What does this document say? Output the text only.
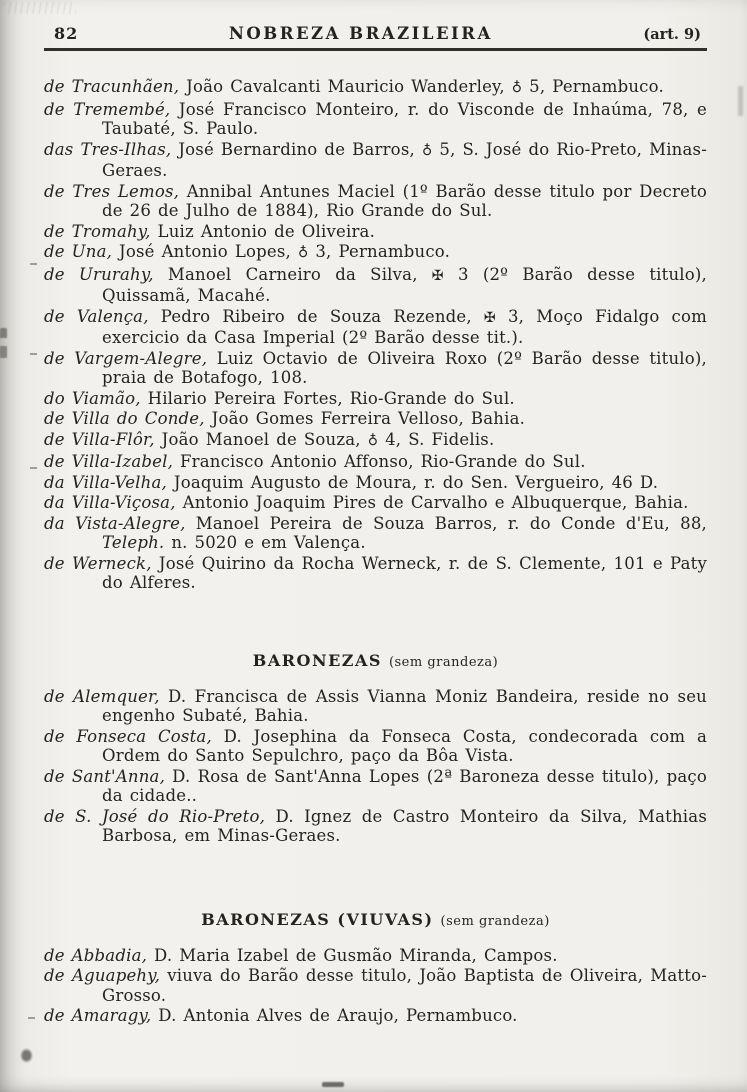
82	NOBREZA BRAZILEIRA	(art. 9)
de Tracunhãen, João Cavalcanti Mauricio Wanderley, ♁ 5, Pernambuco.
de Tremembé, José Francisco Monteiro, r. do Visconde de Inhaúma, 78, e Taubaté, S. Paulo.
das Tres-Ilhas, José Bernardino de Barros, ♁ 5, S. José do Rio-Preto, Minas-Geraes.
de Tres Lemos, Annibal Antunes Maciel (1º Barão desse titulo por Decreto de 26 de Julho de 1884), Rio Grande do Sul.
de Tromahy, Luiz Antonio de Oliveira.
de Una, José Antonio Lopes, ♁ 3, Pernambuco.
de Ururahy, Manoel Carneiro da Silva, ✠ 3 (2º Barão desse titulo), Quissamã, Macahé.
de Valença, Pedro Ribeiro de Souza Rezende, ✠ 3, Moço Fidalgo com exercicio da Casa Imperial (2º Barão desse tit.).
de Vargem-Alegre, Luiz Octavio de Oliveira Roxo (2º Barão desse titulo), praia de Botafogo, 108.
do Viamão, Hilario Pereira Fortes, Rio-Grande do Sul.
de Villa do Conde, João Gomes Ferreira Velloso, Bahia.
de Villa-Flôr, João Manoel de Souza, ♁ 4, S. Fidelis.
de Villa-Izabel, Francisco Antonio Affonso, Rio-Grande do Sul.
da Villa-Velha, Joaquim Augusto de Moura, r. do Sen. Vergueiro, 46 D.
da Villa-Viçosa, Antonio Joaquim Pires de Carvalho e Albuquerque, Bahia.
da Vista-Alegre, Manoel Pereira de Souza Barros, r. do Conde d'Eu, 88, Teleph. n. 5020 e em Valença.
de Werneck, José Quirino da Rocha Werneck, r. de S. Clemente, 101 e Paty do Alferes.
BARONEZAS (sem grandeza)
de Alemquer, D. Francisca de Assis Vianna Moniz Bandeira, reside no seu engenho Subaté, Bahia.
de Fonseca Costa, D. Josephina da Fonseca Costa, condecorada com a Ordem do Santo Sepulchro, paço da Bôa Vista.
de Sant'Anna, D. Rosa de Sant'Anna Lopes (2ª Baroneza desse titulo), paço da cidade..
de S. José do Rio-Preto, D. Ignez de Castro Monteiro da Silva, Mathias Barbosa, em Minas-Geraes.
BARONEZAS (VIUVAS) (sem grandeza)
de Abbadia, D. Maria Izabel de Gusmão Miranda, Campos.
de Aguapehy, viuva do Barão desse titulo, João Baptista de Oliveira, Matto-Grosso.
de Amaragy, D. Antonia Alves de Araujo, Pernambuco.
